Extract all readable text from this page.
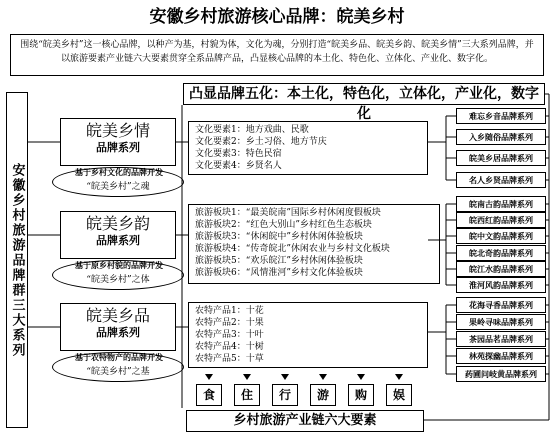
安徽乡村旅游核心品牌：皖美乡村
围绕“皖美乡村”这一核心品牌，以种产为基，村貌为体，文化为魂，分别打造“皖美乡品、皖美乡韵、皖美乡情”三大系列品牌，并以旅游要素产业链六大要素贯穿全系品牌产品，凸显核心品牌的本土化、特色化、立体化、产业化、数字化。
安徽乡村旅游品牌群三大系列
凸显品牌五化：本土化，特色化，立体化，产业化，数字化
皖美乡情
品牌系列
基于乡村文化的品牌开发
“皖美乡村”之魂
文化要素1：地方戏曲、民歌
文化要素2：乡土习俗、地方节庆
文化要素3：特色民宿
文化要素4：乡贤名人
难忘乡音品牌系列
入乡随俗品牌系列
皖美乡居品牌系列
名人乡贤品牌系列
皖美乡韵
品牌系列
基于原乡村貌的品牌开发
“皖美乡村”之体
旅游板块1：“最美皖南”国际乡村休闲度假板块
旅游板块2：“红色大别山”乡村红色生态板块
旅游板块3：“休闲皖中”乡村休闲体验板块
旅游板块4：“传奇皖北”休闲农业与乡村文化板块
旅游板块5：“欢乐皖江”乡村休闲体验板块
旅游板块6：“风情淮河”乡村文化体验板块
皖南古韵品牌系列
皖西红韵品牌系列
皖中文韵品牌系列
皖北奇韵品牌系列
皖江水韵品牌系列
淮河风韵品牌系列
皖美乡品
品牌系列
基于农特物产的品牌开发
“皖美乡村”之基
农特产品1：十花
农特产品2：十果
农特产品3：十叶
农特产品4：十树
农特产品5：十草
花海寻香品牌系列
果岭寻味品牌系列
茶园品茗品牌系列
林苑探幽品牌系列
药圃问岐黄品牌系列
食	住	行	游	购	娱
乡村旅游产业链六大要素
